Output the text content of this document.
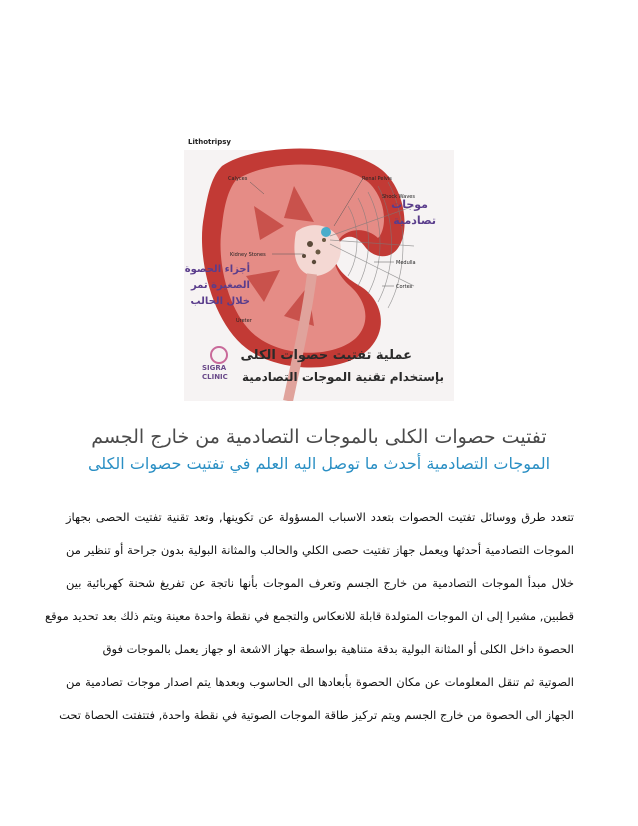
Lithotripsy
Calyces	Renal Pelvis
Shock Waves
Kidney Stones
Medulla
Cortex
Ureter
موجات
تصادمية
أجزاء الحصوة
الصغيرة تمر
خلال الحالب
SIGRA
CLINIC
عملية تفتيت حصوات الكلى
بإستخدام تقنية الموجات التصادمية
تفتيت حصوات الكلى بالموجات التصادمية من خارج الجسم
الموجات التصادمية أحدث ما توصل اليه العلم في تفتيت حصوات الكلى
تتعدد طرق ووسائل تفتيت الحصوات بتعدد الاسباب المسؤولة عن تكوينها, وتعد تقنية تفتيت الحصى بجهاز
الموجات التصادمية أحدثها ويعمل جهاز تفتيت حصى الكلي والحالب والمثانة البولية بدون جراحة أو تنظير من
خلال مبدأ الموجات التصادمية من خارج الجسم وتعرف الموجات بأنها ناتجة عن تفريغ شحنة كهربائية بين
قطبين, مشيرا إلى ان الموجات المتولدة قابلة للانعكاس والتجمع في نقطة واحدة معينة ويتم ذلك بعد تحديد موقع
الحصوة داخل الكلى أو المثانة البولية بدقة متناهية بواسطة جهاز الاشعة او جهاز يعمل بالموجات فوق
الصوتية ثم تنقل المعلومات عن مكان الحصوة بأبعادها الى الحاسوب وبعدها يتم اصدار موجات تصادمية من
الجهاز الى الحصوة من خارج الجسم ويتم تركيز طاقة الموجات الصوتية في نقطة واحدة, فتتفتت الحصاة تحت
